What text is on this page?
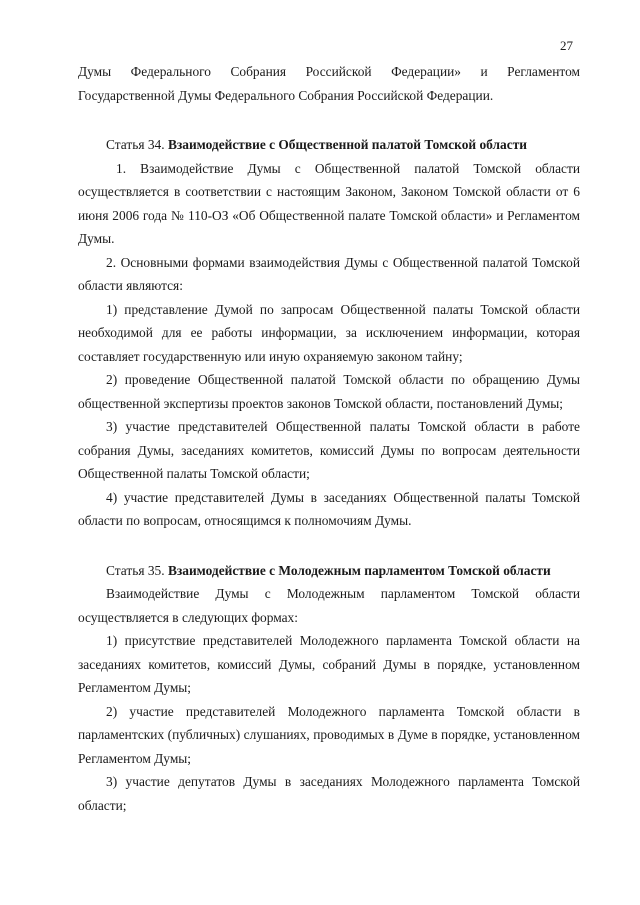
27

Думы Федерального Собрания Российской Федерации» и Регламентом Государственной Думы Федерального Собрания Российской Федерации.

Статья 34. Взаимодействие с Общественной палатой Томской области

1. Взаимодействие Думы с Общественной палатой Томской области осуществляется в соответствии с настоящим Законом, Законом Томской области от 6 июня 2006 года № 110-ОЗ «Об Общественной палате Томской области» и Регламентом Думы.

2. Основными формами взаимодействия Думы с Общественной палатой Томской области являются:

1) представление Думой по запросам Общественной палаты Томской области необходимой для ее работы информации, за исключением информации, которая составляет государственную или иную охраняемую законом тайну;

2) проведение Общественной палатой Томской области по обращению Думы общественной экспертизы проектов законов Томской области, постановлений Думы;

3) участие представителей Общественной палаты Томской области в работе собрания Думы, заседаниях комитетов, комиссий Думы по вопросам деятельности Общественной палаты Томской области;

4) участие представителей Думы в заседаниях Общественной палаты Томской области по вопросам, относящимся к полномочиям Думы.

Статья 35. Взаимодействие с Молодежным парламентом Томской области

Взаимодействие Думы с Молодежным парламентом Томской области осуществляется в следующих формах:

1) присутствие представителей Молодежного парламента Томской области на заседаниях комитетов, комиссий Думы, собраний Думы в порядке, установленном Регламентом Думы;

2) участие представителей Молодежного парламента Томской области в парламентских (публичных) слушаниях, проводимых в Думе в порядке, установленном Регламентом Думы;

3) участие депутатов Думы в заседаниях Молодежного парламента Томской области;
